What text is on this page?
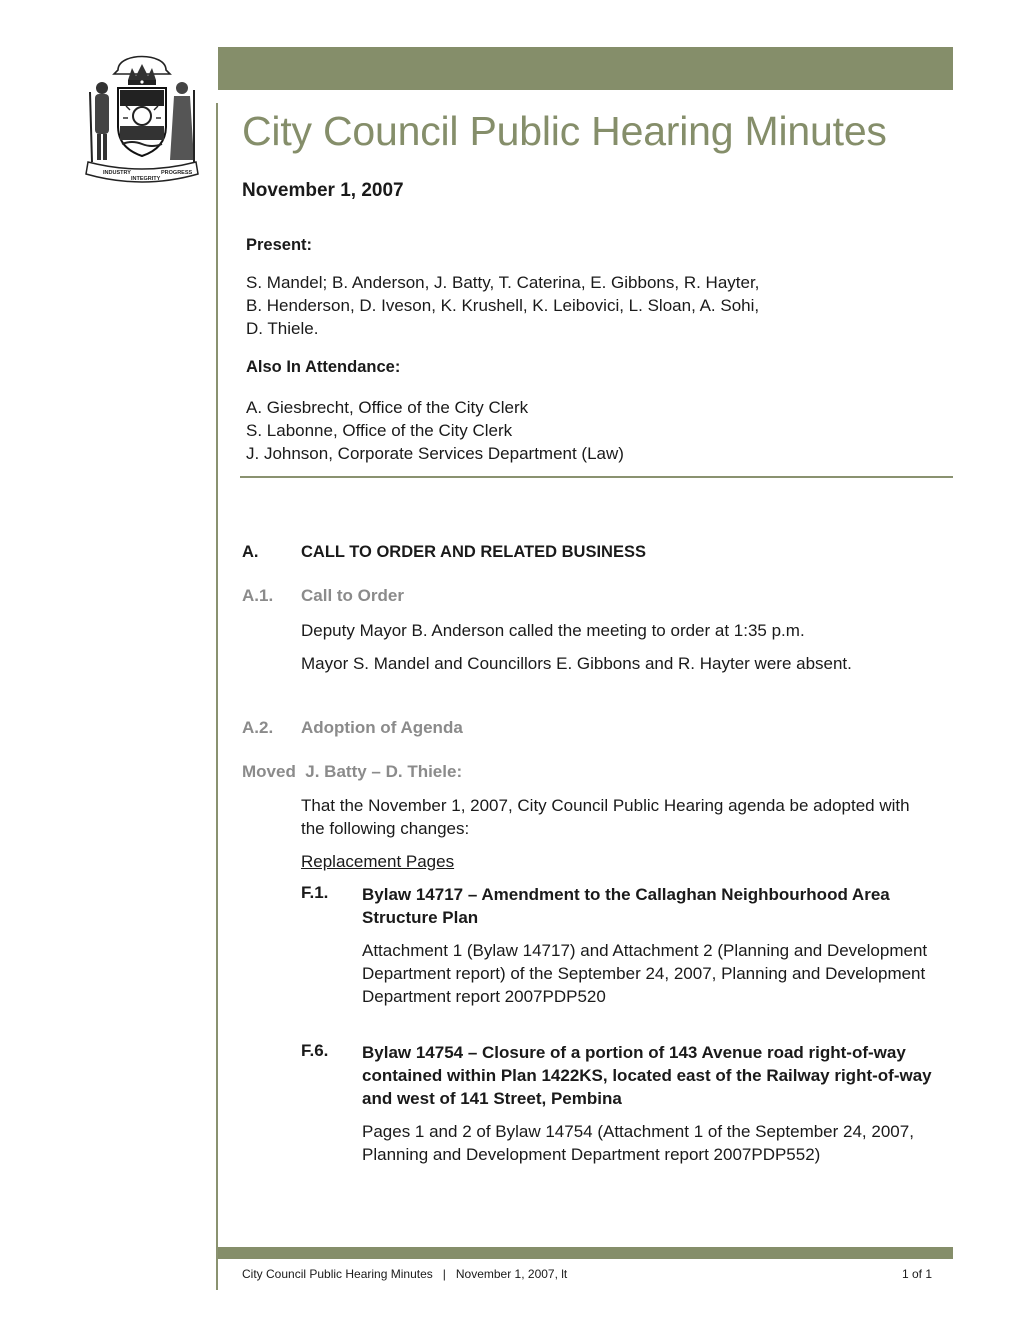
INDUSTRY
INTEGRITY
PROGRESS
City Council Public Hearing Minutes
November 1, 2007
Present:
S. Mandel; B. Anderson, J. Batty, T. Caterina, E. Gibbons, R. Hayter,
B. Henderson, D. Iveson, K. Krushell, K. Leibovici, L. Sloan, A. Sohi,
D. Thiele.
Also In Attendance:
A. Giesbrecht, Office of the City Clerk
S. Labonne, Office of the City Clerk
J. Johnson, Corporate Services Department (Law)
A.	CALL TO ORDER AND RELATED BUSINESS
A.1. Call to Order
Deputy Mayor B. Anderson called the meeting to order at 1:35 p.m.
Mayor S. Mandel and Councillors E. Gibbons and R. Hayter were absent.
A.2. Adoption of Agenda
Moved  J. Batty – D. Thiele:
That the November 1, 2007, City Council Public Hearing agenda be adopted with the following changes:
Replacement Pages
F.1. Bylaw 14717 – Amendment to the Callaghan Neighbourhood Area Structure Plan
Attachment 1 (Bylaw 14717) and Attachment 2 (Planning and Development Department report) of the September 24, 2007, Planning and Development Department report 2007PDP520
F.6. Bylaw 14754 – Closure of a portion of 143 Avenue road right-of-way contained within Plan 1422KS, located east of the Railway right-of-way and west of 141 Street, Pembina
Pages 1 and 2 of Bylaw 14754 (Attachment 1 of the September 24, 2007, Planning and Development Department report 2007PDP552)
City Council Public Hearing Minutes   |   November 1, 2007, lt	1 of 1
